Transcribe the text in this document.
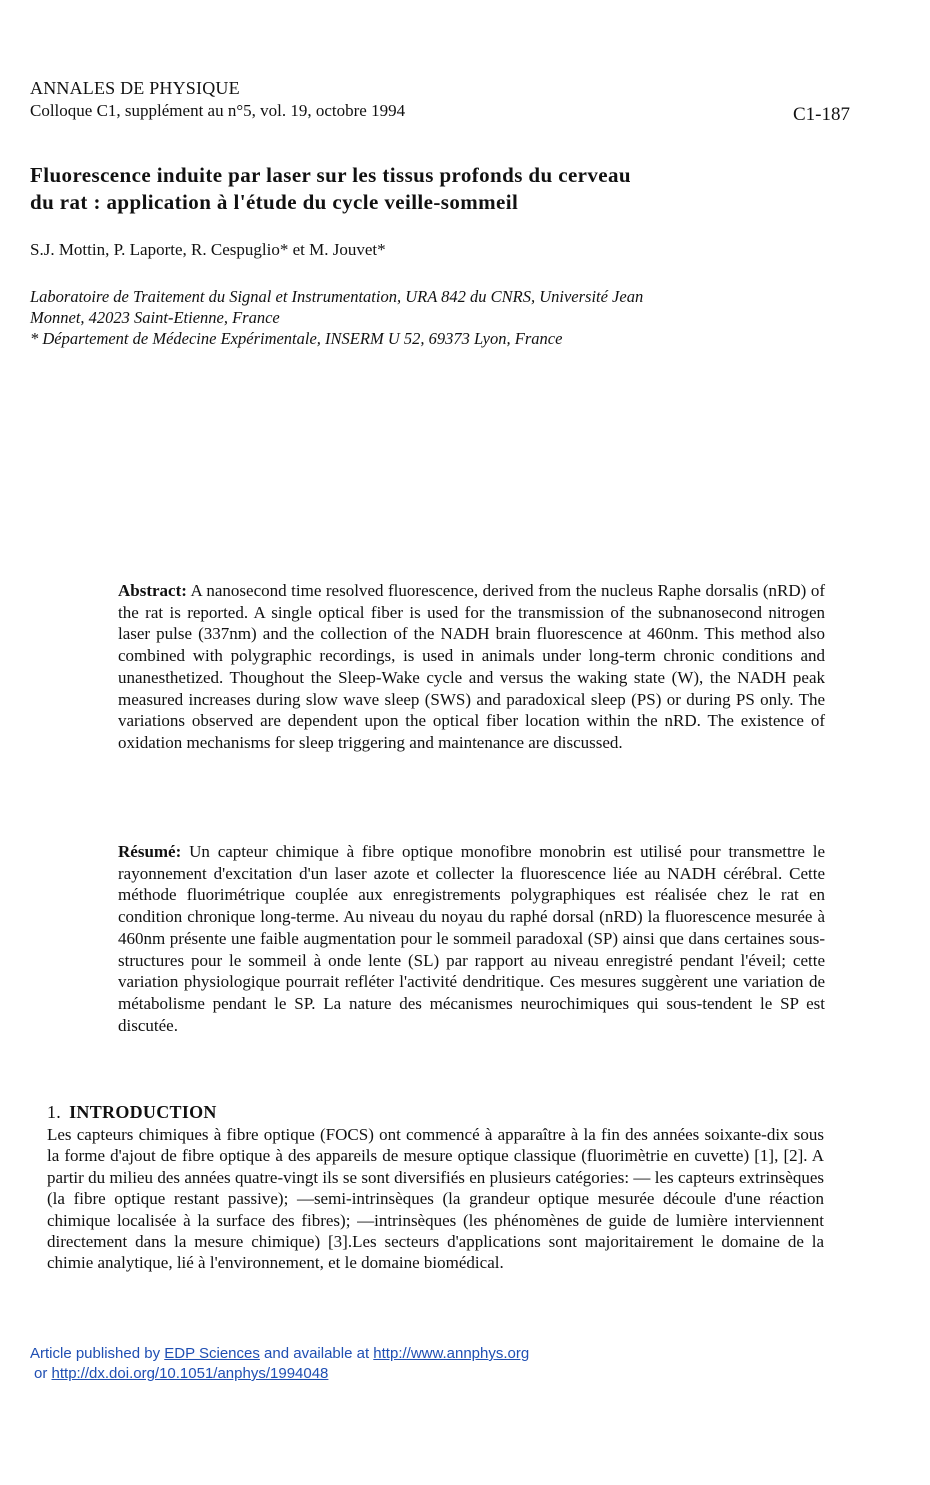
ANNALES DE PHYSIQUE
Colloque C1, supplément au n°5, vol. 19, octobre 1994	C1-187
Fluorescence induite par laser sur les tissus profonds du cerveau
du rat : application à l'étude du cycle veille-sommeil
S.J. Mottin, P. Laporte, R. Cespuglio* et M. Jouvet*
Laboratoire de Traitement du Signal et Instrumentation, URA 842 du CNRS, Université Jean
Monnet, 42023 Saint-Etienne, France
* Département de Médecine Expérimentale, INSERM U 52, 69373 Lyon, France

Abstract: A nanosecond time resolved fluorescence, derived from the nucleus Raphe dorsalis (nRD) of the rat is reported. A single optical fiber is used for the transmission of the subnanosecond nitrogen laser pulse (337nm) and the collection of the NADH brain fluorescence at 460nm. This method also combined with polygraphic recordings, is used in animals under long-term chronic conditions and unanesthetized. Thoughout the Sleep-Wake cycle and versus the waking state (W), the NADH peak measured increases during slow wave sleep (SWS) and paradoxical sleep (PS) or during PS only. The variations observed are dependent upon the optical fiber location within the nRD. The existence of oxidation mechanisms for sleep triggering and maintenance are discussed.

Résumé: Un capteur chimique à fibre optique monofibre monobrin est utilisé pour transmettre le rayonnement d'excitation d'un laser azote et collecter la fluorescence liée au NADH cérébral. Cette méthode fluorimétrique couplée aux enregistrements polygraphiques est réalisée chez le rat en condition chronique long-terme. Au niveau du noyau du raphé dorsal (nRD) la fluorescence mesurée à 460nm présente une faible augmentation pour le sommeil paradoxal (SP) ainsi que dans certaines sous-structures pour le sommeil à onde lente (SL) par rapport au niveau enregistré pendant l'éveil; cette variation physiologique pourrait refléter l'activité dendritique. Ces mesures suggèrent une variation de métabolisme pendant le SP. La nature des mécanismes neurochimiques qui sous-tendent le SP est discutée.

1. INTRODUCTION

Les capteurs chimiques à fibre optique (FOCS) ont commencé à apparaître à la fin des années soixante-dix sous la forme d'ajout de fibre optique à des appareils de mesure optique classique (fluorimètrie en cuvette) [1], [2]. A partir du milieu des années quatre-vingt ils se sont diversifiés en plusieurs catégories: — les capteurs extrinsèques (la fibre optique restant passive); —semi-intrinsèques (la grandeur optique mesurée découle d'une réaction chimique localisée à la surface des fibres); —intrinsèques (les phénomènes de guide de lumière interviennent directement dans la mesure chimique) [3].Les secteurs d'applications sont majoritairement le domaine de la chimie analytique, lié à l'environnement, et le domaine biomédical.

Article published by EDP Sciences and available at http://www.annphys.org
or http://dx.doi.org/10.1051/anphys/1994048
